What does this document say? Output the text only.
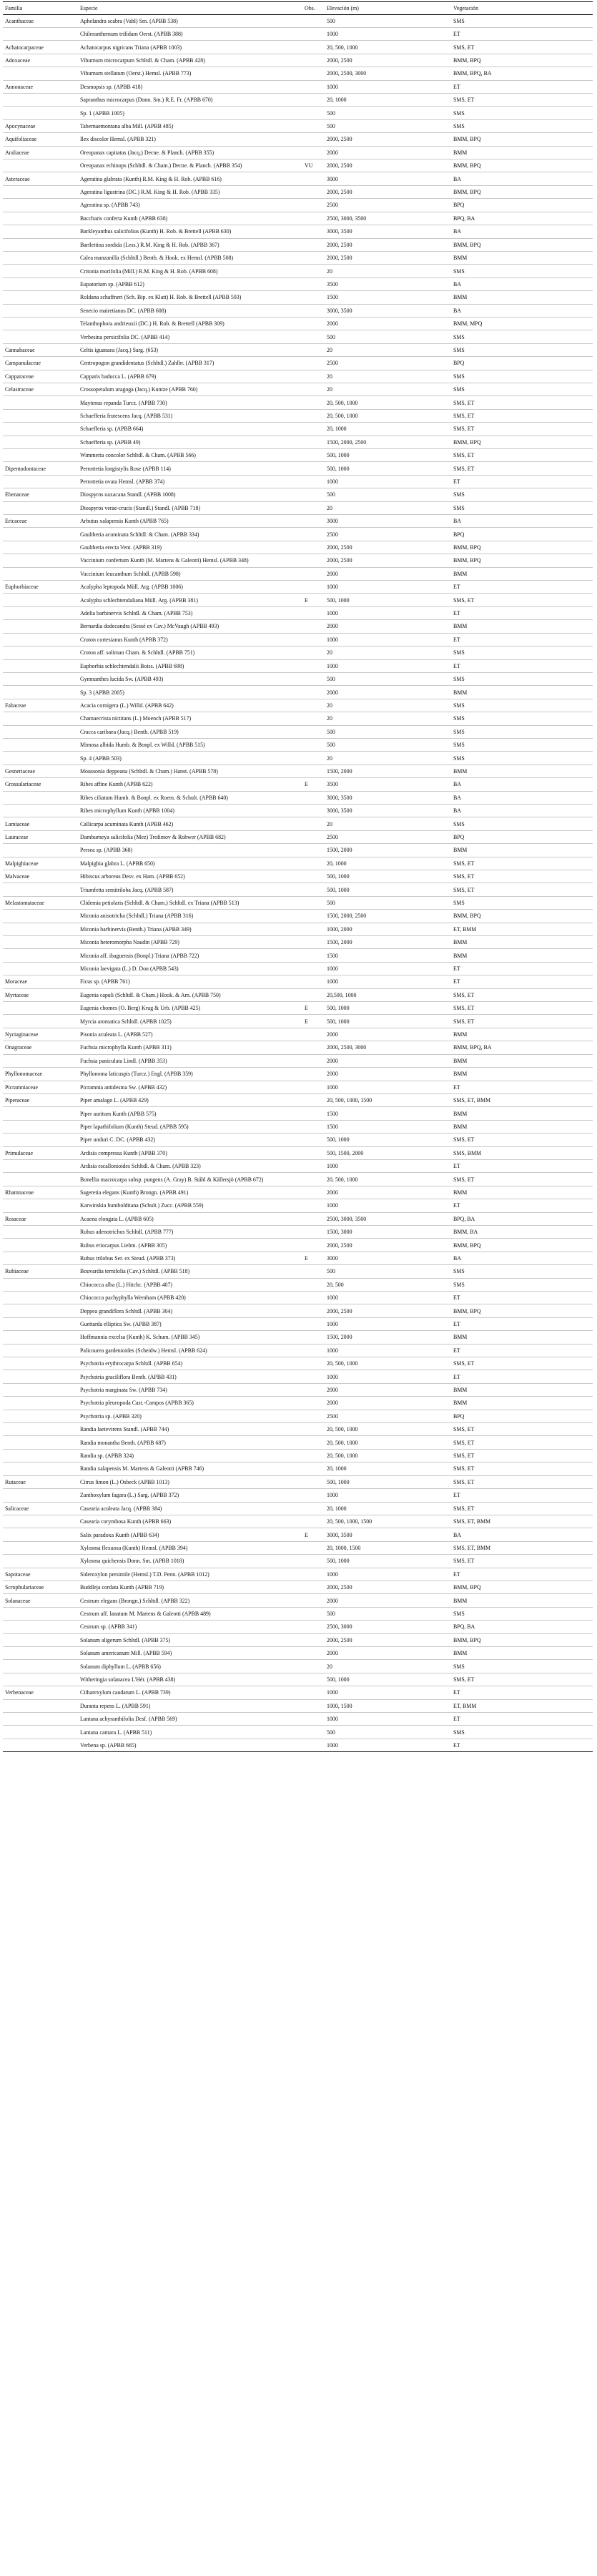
Familia	Especie	Obs.	Elevación (m)	Vegetación
Acanthaceae	Aphelandra scabra (Vahl) Sm. (APBB 538)		500	SMS
	Chileranthemum trifidum Oerst. (APBB 388)		1000	ET
Achatocarpaceae	Achatocarpus nigricans Triana (APBB 1003)		20, 500, 1000	SMS, ET
Adoxaceae	Viburnum microcarpum Schltdl. & Cham. (APBB 428)		2000, 2500	BMM, BPQ
	Viburnum stellatum (Oerst.) Hemsl. (APBB 773)		2000, 2500, 3000	BMM, BPQ, BA
Annonaceae	Desmopsis sp. (APBB 418)		1000	ET
	Sapranthus microcarpus (Donn. Sm.) R.E. Fr. (APBB 670)		20, 1000	SMS, ET
	Sp. 1 (APBB 1005)		500	SMS
Apocynaceae	Tabernaemontana alba Mill. (APBB 485)		500	SMS
Aquifoliaceae	Ilex discolor Hemsl. (APBB 321)		2000, 2500	BMM, BPQ
Araliaceae	Oreopanax capitatus (Jacq.) Decne. & Planch. (APBB 355)		2000	BMM
	Oreopanax echinops (Schltdl. & Cham.) Decne. & Planch. (APBB 354)	VU	2000, 2500	BMM, BPQ
Asteraceae	Ageratina glabrata (Kunth) R.M. King & H. Rob. (APBB 616)		3000	BA
	Ageratina ligustrina (DC.) R.M. King & H. Rob. (APBB 335)		2000, 2500	BMM, BPQ
	Ageratina sp. (APBB 743)		2500	BPQ
	Baccharis conferta Kunth (APBB 638)		2500, 3000, 3500	BPQ, BA
	Barkleyanthus salicifolius (Kunth) H. Rob. & Brettell (APBB 630)		3000, 3500	BA
	Bartlettina sordida (Less.) R.M. King & H. Rob. (APBB 367)		2000, 2500	BMM, BPQ
	Calea manzanilla (Schltdl.) Benth. & Hook. ex Hemsl. (APBB 508)		2000, 2500	BMM
	Critonia morifolia (Mill.) R.M. King & H. Rob. (APBB 608)		20	SMS
	Eupatorium sp. (APBB 612)		3500	BA
	Roldana schaffneri (Sch. Bip. ex Klatt) H. Rob. & Brettell (APBB 593)		1500	BMM
	Senecio mairetianus DC. (APBB 608)		3000, 3500	BA
	Telanthophora andrieuxii (DC.) H. Rob. & Brettell (APBB 309)		2000	BMM, MPQ
	Verbesina persicifolia DC. (APBB 414)		500	SMS
Cannabaceae	Celtis iguanaea (Jacq.) Sarg. (653)		20	SMS
Campanulaceae	Centropogon grandidentatus (Schltdl.) Zahlbr. (APBB 317)		2500	BPQ
Capparaceae	Capparis baducca L. (APBB 679)		20	SMS
Celastraceae	Crossopetalum uragoga (Jacq.) Kuntze (APBB 760)		20	SMS
	Maytenus repanda Turcz. (APBB 730)		20, 500, 1000	SMS, ET
	Schaefferia frutescens Jacq. (APBB 531)		20, 500, 1000	SMS, ET
	Schaefferia sp. (APBB 664)		20, 1000	SMS, ET
	Schaefferia sp. (APBB 49)		1500, 2000, 2500	BMM, BPQ
	Wimmeria concolor Schltdl. & Cham. (APBB 566)		500, 1000	SMS, ET
Dipentodontaceae	Perrottetia longistylis Rose (APBB 114)		500, 1000	SMS, ET
	Perrottetia ovata Hemsl. (APBB 374)		1000	ET
Ebenaceae	Diospyros oaxacana Standl. (APBB 1008)		500	SMS
	Diospyros verae-crucis (Standl.) Standl. (APBB 718)		20	SMS
Ericaceae	Arbutus xalapensis Kunth (APBB 765)		3000	BA
	Gaultheria acuminata Schltdl. & Cham. (APBB 334)		2500	BPQ
	Gaultheria erecta Vent. (APBB 319)		2000, 2500	BMM, BPQ
	Vaccinium confertum Kunth (M. Martens & Galeotti) Hemsl. (APBB 348)		2000, 2500	BMM, BPQ
	Vaccinium leucanthum Schltdl. (APBB 598)		2000	BMM
Euphorbiaceae	Acalypha leptopoda Müll. Arg. (APBB 1006)		1000	ET
	Acalypha schlechtendaliana Müll. Arg. (APBB 381)	E	500, 1000	SMS, ET
	Adelia barbinervis Schltdl. & Cham. (APBB 753)		1000	ET
	Bernardia dodecandra (Sessé ex Cav.) McVaugh (APBB 493)		2000	BMM
	Croton cortesianus Kunth (APBB 372)		1000	ET
	Croton aff. soliman Cham. & Schltdl. (APBB 751)		20	SMS
	Euphorbia schlechtendalii Boiss. (APBB 698)		1000	ET
	Gymnanthes lucida Sw. (APBB 493)		500	SMS
	Sp. 3 (APBB 2005)		2000	BMM
Fabaceae	Acacia cornigera (L.) Willd. (APBB 642)		20	SMS
	Chamaecrista nictitans (L.) Moench (APBB 517)		20	SMS
	Cracca caribaea (Jacq.) Benth. (APBB 519)		500	SMS
	Mimosa albida Humb. & Bonpl. ex Willd. (APBB 515)		500	SMS
	Sp. 4 (APBB 503)		20	SMS
Gesneriaceae	Moussonia deppeana (Schltdl. & Cham.) Hanst. (APBB 578)		1500, 2000	BMM
Grossulariaceae	Ribes affine Kunth (APBB 622)	E	3500	BA
	Ribes ciliatum Humb. & Bonpl. ex Roem. & Schult. (APBB 640)		3000, 3500	BA
	Ribes microphyllum Kunth (APBB 1004)		3000, 3500	BA
Lamiaceae	Callicarpa acuminata Kunth (APBB 462)		20	SMS
Lauraceae	Damburneya salicifolia (Mez) Trofimov & Rohwer (APBB 682)		2500	BPQ
	Persea sp. (APBB 368)		1500, 2000	BMM
Malpighiaceae	Malpighia glabra L. (APBB 650)		20, 1000	SMS, ET
Malvaceae	Hibiscus arboreus Desv. ex Ham. (APBB 652)		500, 1000	SMS, ET
	Triumfetta semitriloba Jacq. (APBB 587)		500, 1000	SMS, ET
Melastomataceae	Clidemia petiolaris (Schltdl. & Cham.) Schltdl. ex Triana (APBB 513)		500	SMS
	Miconia anisotricha (Schltdl.) Triana (APBB 316)		1500, 2000, 2500	BMM, BPQ
	Miconia barbinervis (Benth.) Triana (APBB 349)		1000, 2000	ET, BMM
	Miconia heteromorpha Naudin (APBB 729)		1500, 2000	BMM
	Miconia aff. ibaguensis (Bonpl.) Triana (APBB 722)		1500	BMM
	Miconia laevigata (L.) D. Don (APBB 543)		1000	ET
Moraceae	Ficus sp. (APBB 761)		1000	ET
Myrtaceae	Eugenia capuli (Schltdl. & Cham.) Hook. & Arn. (APBB 750)		20,500, 1000	SMS, ET
	Eugenia chomes (O. Berg) Krug & Urb. (APBB 425)	E	500, 1000	SMS, ET
	Myrcia aromatica Schltdl. (APBB 1025)	E	500, 1000	SMS, ET
Nyctaginaceae	Pisonia aculeata L. (APBB 527)		2000	BMM
Onagraceae	Fuchsia microphylla Kunth (APBB 311)		2000, 2500, 3000	BMM, BPQ, BA
	Fuchsia paniculata Lindl. (APBB 353)		2000	BMM
Phyllonomaceae	Phyllonoma laticuspis (Turcz.) Engl. (APBB 359)		2000	BMM
Picramniaceae	Picramnia antidesma Sw. (APBB 432)		1000	ET
Piperaceae	Piper amalago L. (APBB 429)		20, 500, 1000, 1500	SMS, ET, BMM
	Piper auritum Kunth (APBB 575)		1500	BMM
	Piper lapathifolium (Kunth) Steud. (APBB 595)		1500	BMM
	Piper unduri C. DC. (APBB 432)		500, 1000	SMS, ET
Primulaceae	Ardisia compressa Kunth (APBB 370)		500, 1500, 2000	SMS, BMM
	Ardisia escallonioides Schltdl. & Cham. (APBB 323)		1000	ET
	Bonellia macrocarpa subsp. pungens (A. Gray) B. Ståhl & Källersjö (APBB 672)		20, 500, 1000	SMS, ET
Rhamnaceae	Sageretia elegans (Kunth) Brongn. (APBB 491)		2000	BMM
	Karwinskia humboldtiana (Schult.) Zucc. (APBB 559)		1000	ET
Rosaceae	Acaena elongata L. (APBB 605)		2500, 3000, 3500	BPQ, BA
	Rubus adenotrichos Schltdl. (APBB 777)		1500, 3000	BMM, BA
	Rubus eriocarpus Liebm. (APBB 305)		2000, 2500	BMM, BPQ
	Rubus trilobus Ser. ex Steud. (APBB 373)	E	3000	BA
Rubiaceae	Bouvardia ternifolia (Cav.) Schltdl. (APBB 518)		500	SMS
	Chiococca alba (L.) Hitchc. (APBB 407)		20, 500	SMS
	Chiococca pachyphylla Wernham (APBB 420)		1000	ET
	Deppea grandiflora Schltdl. (APBB 304)		2000, 2500	BMM, BPQ
	Guettarda elliptica Sw. (APBB 387)		1000	ET
	Hoffmannia excelsa (Kunth) K. Schum. (APBB 345)		1500, 2000	BMM
	Palicourea gardenioides (Scheidw.) Hemsl. (APBB 624)		1000	ET
	Psychotria erythrocarpa Schltdl. (APBB 654)		20, 500, 1000	SMS, ET
	Psychotria graciliflora Benth. (APBB 431)		1000	ET
	Psychotria marginata Sw. (APBB 734)		2000	BMM
	Psychotria pleuropoda Cast.-Campos (APBB 365)		2000	BMM
	Psychotria sp. (APBB 320)		2500	BPQ
	Randia laetevirens Standl. (APBB 744)		20, 500, 1000	SMS, ET
	Randia monantha Benth. (APBB 687)		20, 500, 1000	SMS, ET
	Randia sp. (APBB 324)		20, 500, 1000	SMS, ET
	Randia xalapensis M. Martens & Galeotti (APBB 746)		20, 1000	SMS, ET
Rutaceae	Citrus limon (L.) Osbeck (APBB 1013)		500, 1000	SMS, ET
	Zanthoxylum fagara (L.) Sarg. (APBB 372)		1000	ET
Salicaceae	Casearia aculeata Jacq. (APBB 384)		20, 1000	SMS, ET
	Casearia corymbosa Kunth (APBB 663)		20, 500, 1000, 1500	SMS, ET, BMM
	Salix paradoxa Kunth (APBB 634)	E	3000, 3500	BA
	Xylosma flexuosa (Kunth) Hemsl. (APBB 394)		20, 1000, 1500	SMS, ET, BMM
	Xylosma quichensis Donn. Sm. (APBB 1018)		500, 1000	SMS, ET
Sapotaceae	Sideroxylon persimile (Hemsl.) T.D. Penn. (APBB 1012)		1000	ET
Scrophulariaceae	Buddleja cordata Kunth (APBB 719)		2000, 2500	BMM, BPQ
Solanaceae	Cestrum elegans (Brongn.) Schltdl. (APBB 322)		2000	BMM
	Cestrum aff. lanatum M. Martens & Galeotti (APBB 489)		500	SMS
	Cestrum sp. (APBB 341)		2500, 3000	BPQ, BA
	Solanum aligerum Schltdl. (APBB 375)		2000, 2500	BMM, BPQ
	Solanum americanum Mill. (APBB 594)		2000	BMM
	Solanum diphyllum L. (APBB 656)		20	SMS
	Witheringia solanacea L'Hér. (APBB 438)		500, 1000	SMS, ET
Verbenaceae	Citharexylum caudatum L. (APBB 739)		1000	ET
	Duranta repens L. (APBB 591)		1000, 1500	ET, BMM
	Lantana achyranthifolia Desf. (APBB 569)		1000	ET
	Lantana camara L. (APBB 511)		500	SMS
	Verbena sp. (APBB 665)		1000	ET
